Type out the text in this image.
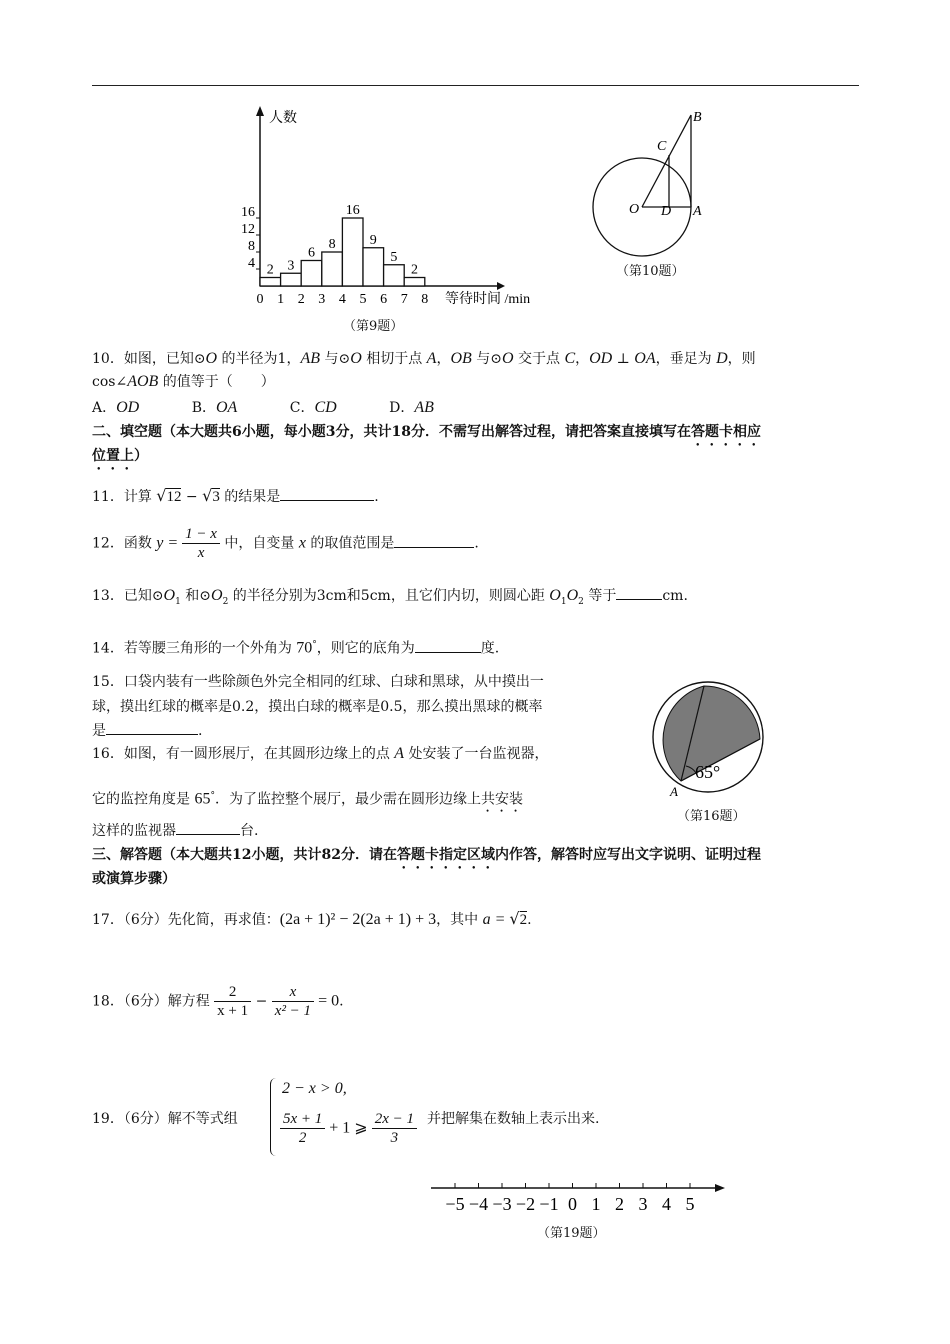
人数
2 3
6
8
16
9
5
2
0 1 2 3 4 5 6 7 8
4
8
12
16
等待时间 /min
（第9题）
O D A
C
B
（第10题）
10．如图，已知⊙O 的半径为1，AB 与⊙O 相切于点 A，OB 与⊙O 交于点 C，OD ⊥ OA，垂足为 D，则
cos∠AOB 的值等于（　　）
A．OD	B．OA	C．CD	D．AB
二、填空题（本大题共6小题，每小题3分，共计18分．不需写出解答过程，请把答案直接填写在答题卡相应
位置上）
11．计算 √12 − √3 的结果是	.
12．函数 $y = \frac{1 - x}{x}$ 中，自变量 x 的取值范围是	.
13．已知$⊙O_1$ 和$⊙O_2$ 的半径分别为3cm和5cm，且它们内切，则圆心距 $O_1O_2$ 等于	cm.
14．若等腰三角形的一个外角为 70°，则它的底角为	度.
15．口袋内装有一些除颜色外完全相同的红球、白球和黑球，从中摸出一
球，摸出红球的概率是0.2，摸出白球的概率是0.5，那么摸出黑球的概率
是	.
65°
A
（第16题）
16．如图，有一圆形展厅，在其圆形边缘上的点 A 处安装了一台监视器，
它的监控角度是 65°．为了监控整个展厅，最少需在圆形边缘上共安装
这样的监视器	台.
三、解答题（本大题共12小题，共计82分．请在答题卡指定区域内作答，解答时应写出文字说明、证明过程
或演算步骤）
17．（6分）先化简，再求值：(2a + 1)² − 2(2a + 1) + 3，其中 a = √2.
18．（6分）解方程 $\frac{2}{x + 1} - \frac{x}{\text{x² − 1}} = 0$.
19．（6分）解不等式组
2 − x > 0,
$\frac{5x + 1}{2} + 1$ ⩾ $\frac{2x - 1}{3}$ 并把解集在数轴上表示出来.
−5 −4 −3 −2 −1 0 1 2 3 4 5
（第19题）
